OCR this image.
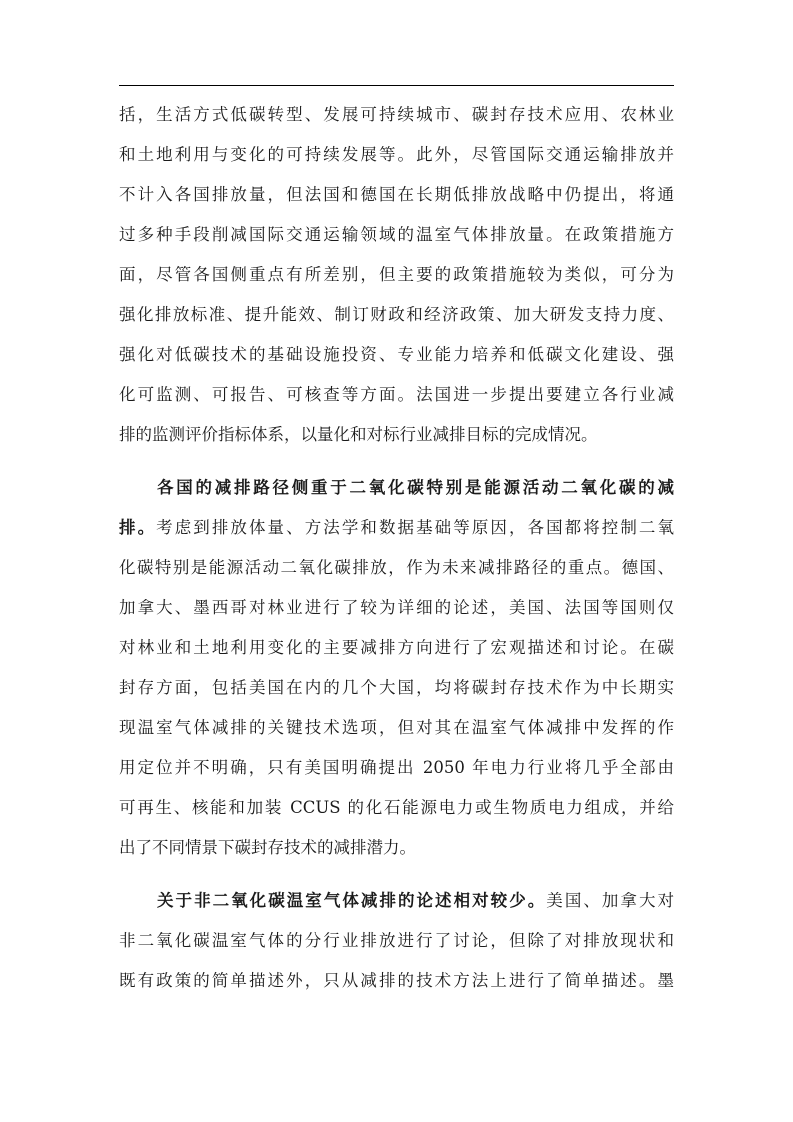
括，生活方式低碳转型、发展可持续城市、碳封存技术应用、农林业
和土地利用与变化的可持续发展等。此外，尽管国际交通运输排放并
不计入各国排放量，但法国和德国在长期低排放战略中仍提出，将通
过多种手段削减国际交通运输领域的温室气体排放量。在政策措施方
面，尽管各国侧重点有所差别，但主要的政策措施较为类似，可分为
强化排放标准、提升能效、制订财政和经济政策、加大研发支持力度、
强化对低碳技术的基础设施投资、专业能力培养和低碳文化建设、强
化可监测、可报告、可核查等方面。法国进一步提出要建立各行业减
排的监测评价指标体系，以量化和对标行业减排目标的完成情况。
各国的减排路径侧重于二氧化碳特别是能源活动二氧化碳的减
排。考虑到排放体量、方法学和数据基础等原因，各国都将控制二氧
化碳特别是能源活动二氧化碳排放，作为未来减排路径的重点。德国、
加拿大、墨西哥对林业进行了较为详细的论述，美国、法国等国则仅
对林业和土地利用变化的主要减排方向进行了宏观描述和讨论。在碳
封存方面，包括美国在内的几个大国，均将碳封存技术作为中长期实
现温室气体减排的关键技术选项，但对其在温室气体减排中发挥的作
用定位并不明确，只有美国明确提出 2050 年电力行业将几乎全部由
可再生、核能和加装 CCUS 的化石能源电力或生物质电力组成，并给
出了不同情景下碳封存技术的减排潜力。
关于非二氧化碳温室气体减排的论述相对较少。美国、加拿大对
非二氧化碳温室气体的分行业排放进行了讨论，但除了对排放现状和
既有政策的简单描述外，只从减排的技术方法上进行了简单描述。墨
